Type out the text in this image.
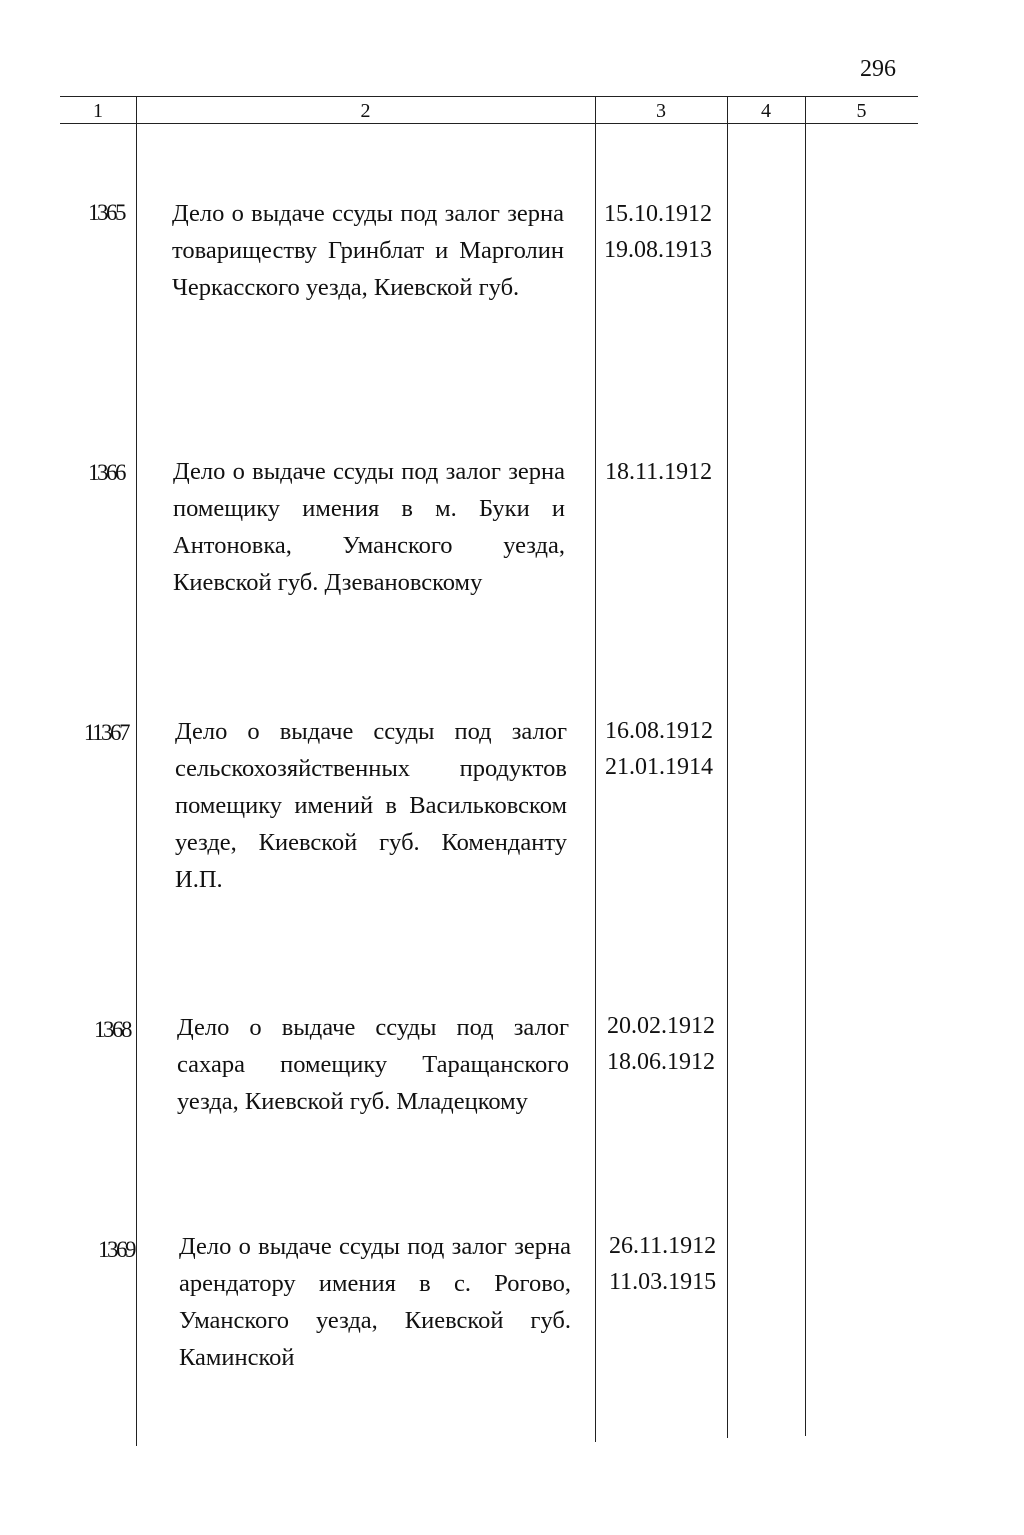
296
1	2	3	4	5
1365 Дело о выдаче ссуды под залог зерна товариществу Гринблат и Марголин Черкасского уезда, Киевской губ.
15.10.1912
19.08.1913
1366 Дело о выдаче ссуды под залог зерна помещику имения в м. Буки и Антоновка, Уманского уезда, Киевской губ. Дзевановскому
18.11.1912
11367 Дело о выдаче ссуды под залог сельскохозяйственных продуктов помещику имений в Васильковском уезде, Киевской губ. Коменданту И.П.
16.08.1912
21.01.1914
1368 Дело о выдаче ссуды под залог сахара помещику Таращанского уезда, Киевской губ. Младецкому
20.02.1912
18.06.1912
1369 Дело о выдаче ссуды под залог зерна арендатору имения в с. Рогово, Уманского уезда, Киевской губ. Каминской
26.11.1912
11.03.1915
